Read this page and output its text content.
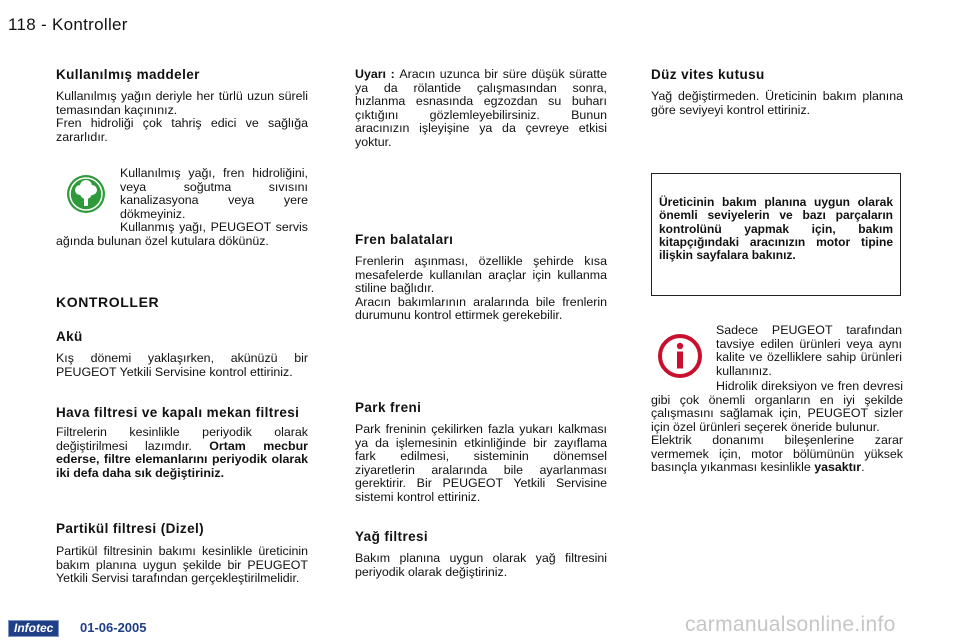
118 - Kontroller
Kullanılmış maddeler

Kullanılmış yağın deriyle her türlü uzun süreli temasından kaçınınız.

Fren hidroliği çok tahriş edici ve sağlığa zararlıdır.

Kullanılmış yağı, fren hidroliğini, veya soğutma sıvısını kanalizasyona veya yere dökmeyiniz.

Kullanmış yağı, PEUGEOT servis ağında bulunan özel kutulara dökünüz.

KONTROLLER
Akü

Kış dönemi yaklaşırken, akünüzü bir PEUGEOT Yetkili Servisine kontrol ettiriniz.

Hava filtresi ve kapalı mekan filtresi

Filtrelerin kesinlikle periyodik olarak değiştirilmesi lazımdır. Ortam mecbur ederse, filtre elemanlarını periyodik olarak iki defa daha sık değiştiriniz.

Partikül filtresi (Dizel)

Partikül filtresinin bakımı kesinlikle üreticinin bakım planına uygun şekilde bir PEUGEOT Yetkili Servisi tarafından gerçekleştirilmelidir.

Uyarı : Aracın uzunca bir süre düşük süratte ya da rölantide çalışmasından sonra, hızlanma esnasında egzozdan su buharı çıktığını gözlemleyebilirsiniz. Bunun aracınızın işleyişine ya da çevreye etkisi yoktur.

Fren balataları

Frenlerin aşınması, özellikle şehirde kısa mesafelerde kullanılan araçlar için kullanma stiline bağlıdır.

Aracın bakımlarının aralarında bile frenlerin durumunu kontrol ettirmek gerekebilir.

Park freni

Park freninin çekilirken fazla yukarı kalkması ya da işlemesinin etkinliğinde bir zayıflama fark edilmesi, sisteminin dönemsel ziyaretlerin aralarında bile ayarlanması gerektirir. Bir PEUGEOT Yetkili Servisine sistemi kontrol ettiriniz.

Yağ filtresi

Bakım planına uygun olarak yağ filtresini periyodik olarak değiştiriniz.

Düz vites kutusu

Yağ değiştirmeden. Üreticinin bakım planına göre seviyeyi kontrol ettiriniz.

Üreticinin bakım planına uygun olarak önemli seviyelerin ve bazı parçaların kontrolünü yapmak için, bakım kitapçığındaki aracınızın motor tipine ilişkin sayfalara bakınız.

Sadece PEUGEOT tarafından tavsiye edilen ürünleri veya aynı kalite ve özelliklere sahip ürünleri kullanınız.

Hidrolik direksiyon ve fren devresi gibi çok önemli organların en iyi şekilde çalışmasını sağlamak için, PEUGEOT sizler için özel ürünleri seçerek öneride bulunur.

Elektrik donanımı bileşenlerine zarar vermemek için, motor bölümünün yüksek basınçla yıkanması kesinlikle yasaktır.

Infotec	01-06-2005	carmanualsonline.info
